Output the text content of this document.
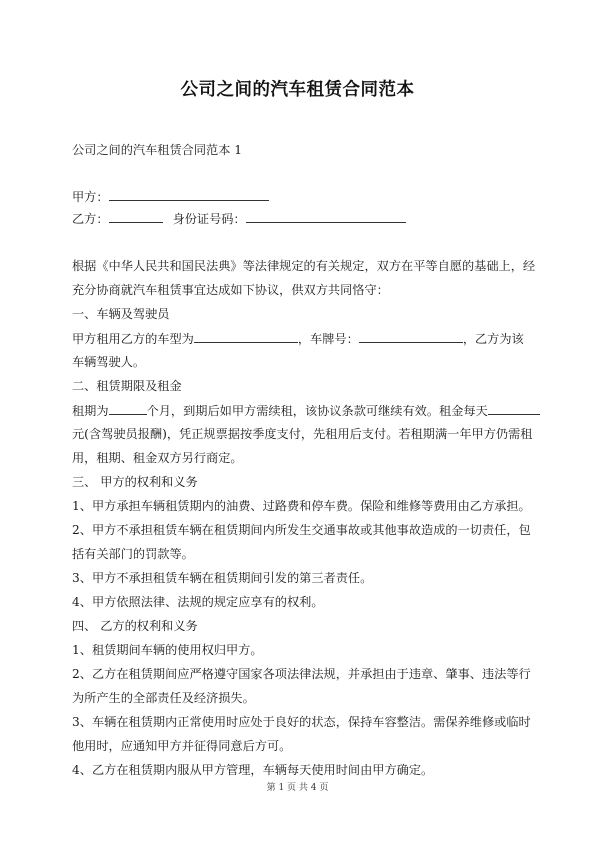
公司之间的汽车租赁合同范本
公司之间的汽车租赁合同范本 1
甲方：
乙方：	身份证号码：
根据《中华人民共和国民法典》等法律规定的有关规定，双方在平等自愿的基础上，经
充分协商就汽车租赁事宜达成如下协议，供双方共同恪守：
一、车辆及驾驶员
甲方租用乙方的车型为	，车牌号：	，乙方为该
车辆驾驶人。
二、租赁期限及租金
租期为	个月，到期后如甲方需续租，该协议条款可继续有效。租金每天
元(含驾驶员报酬)，凭正规票据按季度支付，先租用后支付。若租期满一年甲方仍需租
用，租期、租金双方另行商定。
三、 甲方的权利和义务
1、甲方承担车辆租赁期内的油费、过路费和停车费。保险和维修等费用由乙方承担。
2、甲方不承担租赁车辆在租赁期间内所发生交通事故或其他事故造成的一切责任，包
括有关部门的罚款等。
3、甲方不承担租赁车辆在租赁期间引发的第三者责任。
4、甲方依照法律、法规的规定应享有的权利。
四、 乙方的权利和义务
1、租赁期间车辆的使用权归甲方。
2、乙方在租赁期间应严格遵守国家各项法律法规，并承担由于违章、肇事、违法等行
为所产生的全部责任及经济损失。
3、车辆在租赁期内正常使用时应处于良好的状态，保持车容整洁。需保养维修或临时
他用时，应通知甲方并征得同意后方可。
4、乙方在租赁期内服从甲方管理，车辆每天使用时间由甲方确定。
第 1 页 共 4 页
